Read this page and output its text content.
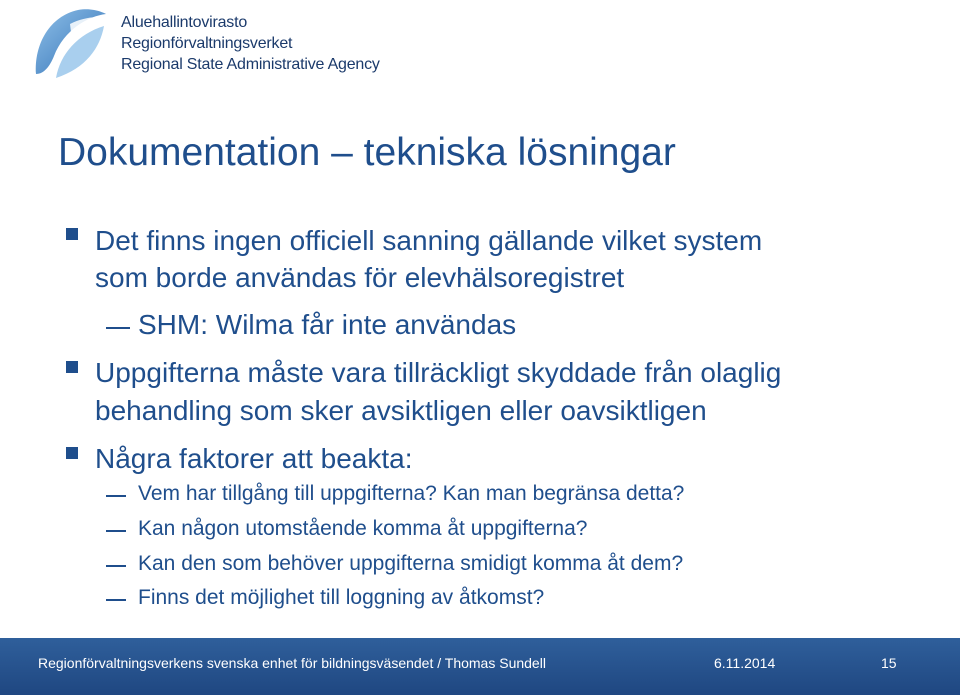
Aluehallintovirasto
Regionförvaltningsverket
Regional State Administrative Agency
Dokumentation – tekniska lösningar
Det finns ingen officiell sanning gällande vilket system
som borde användas för elevhälsoregistret
SHM: Wilma får inte användas
Uppgifterna måste vara tillräckligt skyddade från olaglig
behandling som sker avsiktligen eller oavsiktligen
Några faktorer att beakta:
Vem har tillgång till uppgifterna? Kan man begränsa detta?
Kan någon utomstående komma åt uppgifterna?
Kan den som behöver uppgifterna smidigt komma åt dem?
Finns det möjlighet till loggning av åtkomst?
Regionförvaltningsverkens svenska enhet för bildningsväsendet / Thomas Sundell	6.11.2014	15
